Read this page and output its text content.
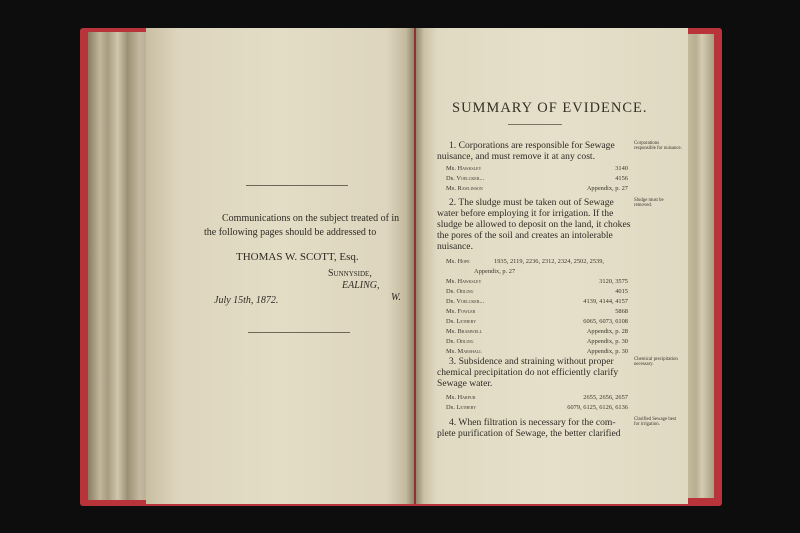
Communications on the subject treated of in
the following pages should be addressed to
THOMAS W. SCOTT, Esq.
Sunnyside,
EALING,
W.
July 15th, 1872.
SUMMARY OF EVIDENCE.
1. Corporations are responsible for Sewage
nuisance, and must remove it at any cost.
Corporations responsible for nuisance.
Mr. Hawksley	3140
Dr. Voelcker...	4156
Mr. Rawlinson	Appendix, p. 27
2. The sludge must be taken out of Sewage
water before employing it for irrigation. If the
sludge be allowed to deposit on the land, it chokes
the pores of the soil and creates an intolerable
nuisance.
Sludge must be removed.
Mr. Hope	1935, 2119, 2236, 2312, 2324, 2502, 2539,
Appendix, p. 27
Mr. Hawksley	3120, 3575
Dr. Odling	4015
Dr. Voelcker...	4139, 4144, 4157
Mr. Fowler	5868
Dr. Letheby	6065, 6073, 6108
Mr. Bramwell	Appendix, p. 28
Dr. Odling	Appendix, p. 30
Mr. Marshall	Appendix, p. 30
3. Subsidence and straining without proper
chemical precipitation do not efficiently clarify
Sewage water.
Chemical precipitation necessary.
Mr. Harpur	2655, 2656, 2657
Dr. Letheby	6079, 6125, 6126, 6136
4. When filtration is necessary for the com-
plete purification of Sewage, the better clarified
Clarified Sewage best for irrigation.
